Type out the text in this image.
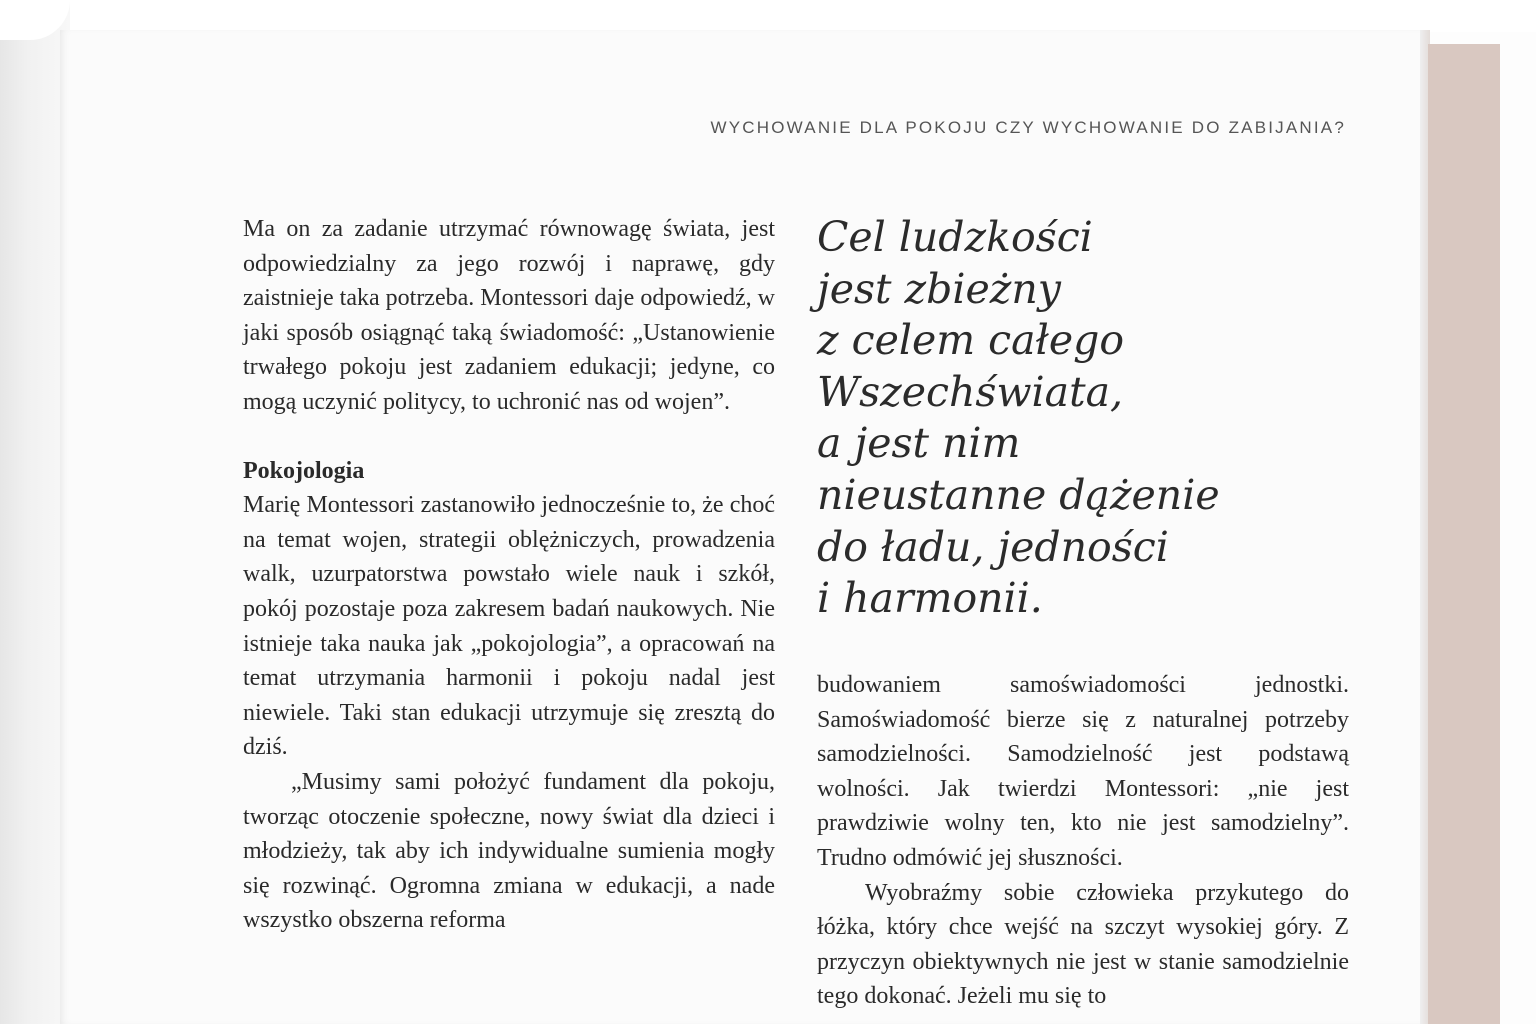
WYCHOWANIE DLA POKOJU CZY WYCHOWANIE DO ZABIJANIA?

Ma on za zadanie utrzymać równowagę świata, jest odpowiedzialny za jego rozwój i naprawę, gdy zaistnieje taka potrzeba. Montessori daje odpowiedź, w jaki sposób osiągnąć taką świadomość: „Ustanowienie trwałego pokoju jest zadaniem edukacji; jedyne, co mogą uczynić politycy, to uchronić nas od wojen”.

Pokojologia

Marię Montessori zastanowiło jednocześnie to, że choć na temat wojen, strategii oblężniczych, prowadzenia walk, uzurpatorstwa powstało wiele nauk i szkół, pokój pozostaje poza zakresem badań naukowych. Nie istnieje taka nauka jak „pokojologia”, a opracowań na temat utrzymania harmonii i pokoju nadal jest niewiele. Taki stan edukacji utrzymuje się zresztą do dziś.

„Musimy sami położyć fundament dla pokoju, tworząc otoczenie społeczne, nowy świat dla dzieci i młodzieży, tak aby ich indywidualne sumienia mogły się rozwinąć. Ogromna zmiana w edukacji, a nade wszystko obszerna reforma

Cel ludzkości
jest zbieżny
z celem całego
Wszechświata,
a jest nim
nieustanne dążenie
do ładu, jedności
i harmonii.

budowaniem samoświadomości jednostki. Samoświadomość bierze się z naturalnej potrzeby samodzielności. Samodzielność jest podstawą wolności. Jak twierdzi Montessori: „nie jest prawdziwie wolny ten, kto nie jest samodzielny”. Trudno odmówić jej słuszności.

Wyobraźmy sobie człowieka przykutego do łóżka, który chce wejść na szczyt wysokiej góry. Z przyczyn obiektywnych nie jest w stanie samodzielnie tego dokonać. Jeżeli mu się to
